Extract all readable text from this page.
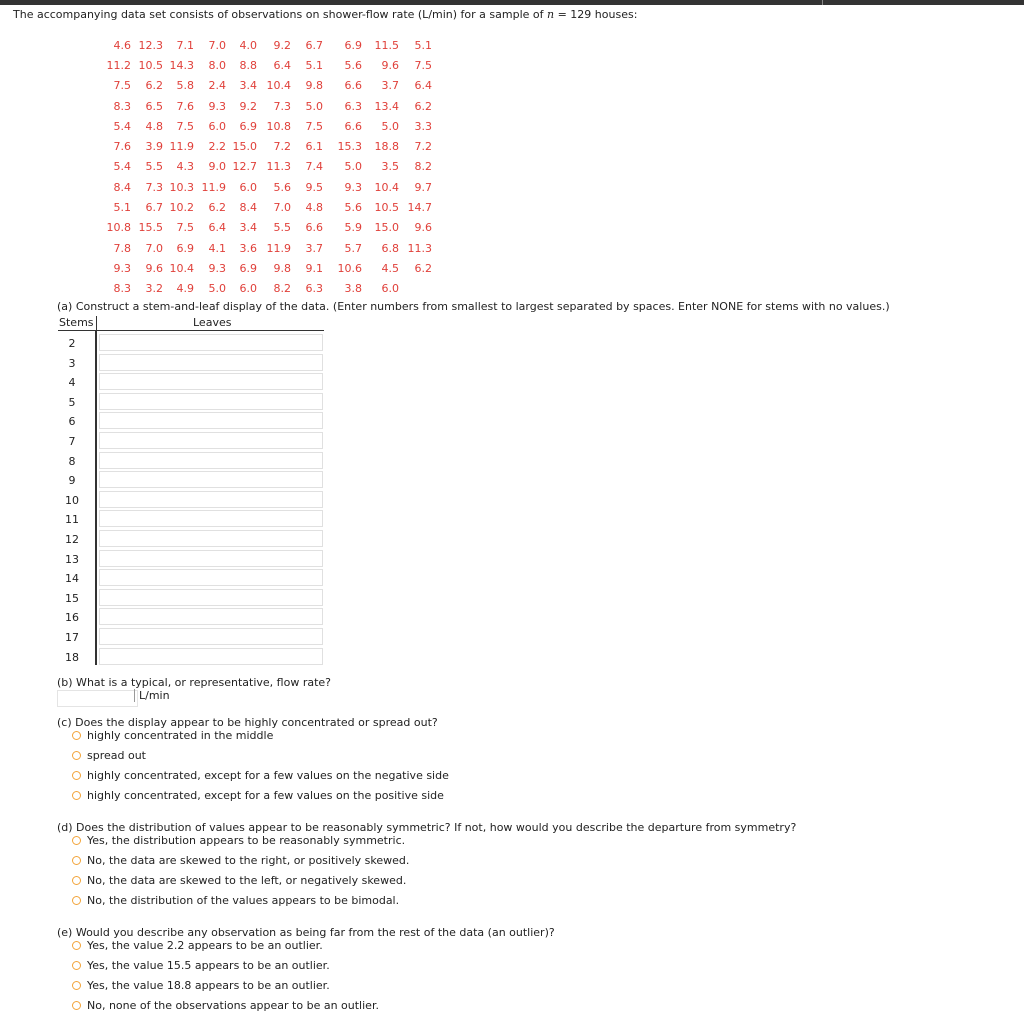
The accompanying data set consists of observations on shower-flow rate (L/min) for a sample of n = 129 houses:
4.6	12.3	7.1	7.0	4.0	9.2	6.7	6.9	11.5	5.1
11.2	10.5	14.3	8.0	8.8	6.4	5.1	5.6	9.6	7.5
7.5	6.2	5.8	2.4	3.4	10.4	9.8	6.6	3.7	6.4
8.3	6.5	7.6	9.3	9.2	7.3	5.0	6.3	13.4	6.2
5.4	4.8	7.5	6.0	6.9	10.8	7.5	6.6	5.0	3.3
7.6	3.9	11.9	2.2	15.0	7.2	6.1	15.3	18.8	7.2
5.4	5.5	4.3	9.0	12.7	11.3	7.4	5.0	3.5	8.2
8.4	7.3	10.3	11.9	6.0	5.6	9.5	9.3	10.4	9.7
5.1	6.7	10.2	6.2	8.4	7.0	4.8	5.6	10.5	14.7
10.8	15.5	7.5	6.4	3.4	5.5	6.6	5.9	15.0	9.6
7.8	7.0	6.9	4.1	3.6	11.9	3.7	5.7	6.8	11.3
9.3	9.6	10.4	9.3	6.9	9.8	9.1	10.6	4.5	6.2
8.3	3.2	4.9	5.0	6.0	8.2	6.3	3.8	6.0	
(a) Construct a stem-and-leaf display of the data. (Enter numbers from smallest to largest separated by spaces. Enter NONE for stems with no values.)
Stems	Leaves
2
3
4
5
6
7
8
9
10
11
12
13
14
15
16
17
18
(b) What is a typical, or representative, flow rate?
L/min
(c) Does the display appear to be highly concentrated or spread out?
highly concentrated in the middle
spread out
highly concentrated, except for a few values on the negative side
highly concentrated, except for a few values on the positive side
(d) Does the distribution of values appear to be reasonably symmetric? If not, how would you describe the departure from symmetry?
Yes, the distribution appears to be reasonably symmetric.
No, the data are skewed to the right, or positively skewed.
No, the data are skewed to the left, or negatively skewed.
No, the distribution of the values appears to be bimodal.
(e) Would you describe any observation as being far from the rest of the data (an outlier)?
Yes, the value 2.2 appears to be an outlier.
Yes, the value 15.5 appears to be an outlier.
Yes, the value 18.8 appears to be an outlier.
No, none of the observations appear to be an outlier.
